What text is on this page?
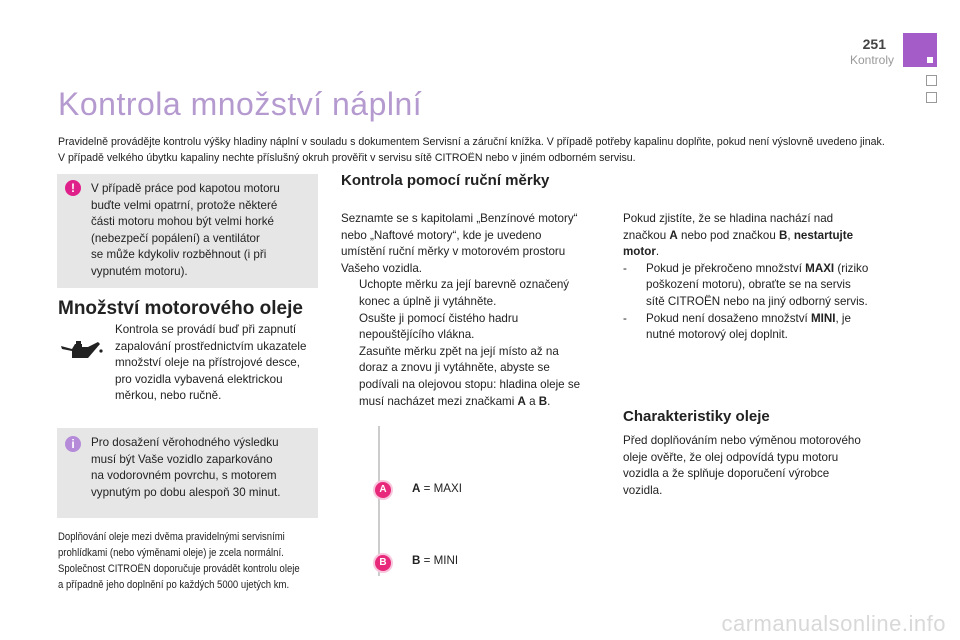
251
Kontroly
Kontrola množství náplní
Pravidelně provádějte kontrolu výšky hladiny náplní v souladu s dokumentem Servisní a záruční knížka. V případě potřeby kapalinu doplňte, pokud není výslovně uvedeno jinak.
V případě velkého úbytku kapaliny nechte příslušný okruh prověřit v servisu sítě CITROËN nebo v jiném odborném servisu.
!	V případě práce pod kapotou motoru
buďte velmi opatrní, protože některé
části motoru mohou být velmi horké
(nebezpečí popálení) a ventilátor
se může kdykoliv rozběhnout (i při
vypnutém motoru).
Množství motorového oleje
Kontrola se provádí buď při zapnutí
zapalování prostřednictvím ukazatele
množství oleje na přístrojové desce,
pro vozidla vybavená elektrickou
měrkou, nebo ručně.
i	Pro dosažení věrohodného výsledku
musí být Vaše vozidlo zaparkováno
na vodorovném povrchu, s motorem
vypnutým po dobu alespoň 30 minut.
Doplňování oleje mezi dvěma pravidelnými servisními
prohlídkami (nebo výměnami oleje) je zcela normální.
Společnost CITROËN doporučuje provádět kontrolu oleje
a případně jeho doplnění po každých 5000 ujetých km.
Kontrola pomocí ruční měrky
Seznamte se s kapitolami „Benzínové motory“
nebo „Naftové motory“, kde je uvedeno
umístění ruční měrky v motorovém prostoru
Vašeho vozidla.
Uchopte měrku za její barevně označený
konec a úplně ji vytáhněte.
Osušte ji pomocí čistého hadru
nepouštějícího vlákna.
Zasuňte měrku zpět na její místo až na
doraz a znovu ji vytáhněte, abyste se
podívali na olejovou stopu: hladina oleje se
musí nacházet mezi značkami A a B.
A	A = MAXI
B	B = MINI
Pokud zjistíte, že se hladina nachází nad
značkou A nebo pod značkou B, nestartujte
motor.
- Pokud je překročeno množství MAXI (riziko
poškození motoru), obraťte se na servis
sítě CITROËN nebo na jiný odborný servis.
- Pokud není dosaženo množství MINI, je
nutné motorový olej doplnit.
Charakteristiky oleje
Před doplňováním nebo výměnou motorového
oleje ověřte, že olej odpovídá typu motoru
vozidla a že splňuje doporučení výrobce
vozidla.
carmanualsonline.info
